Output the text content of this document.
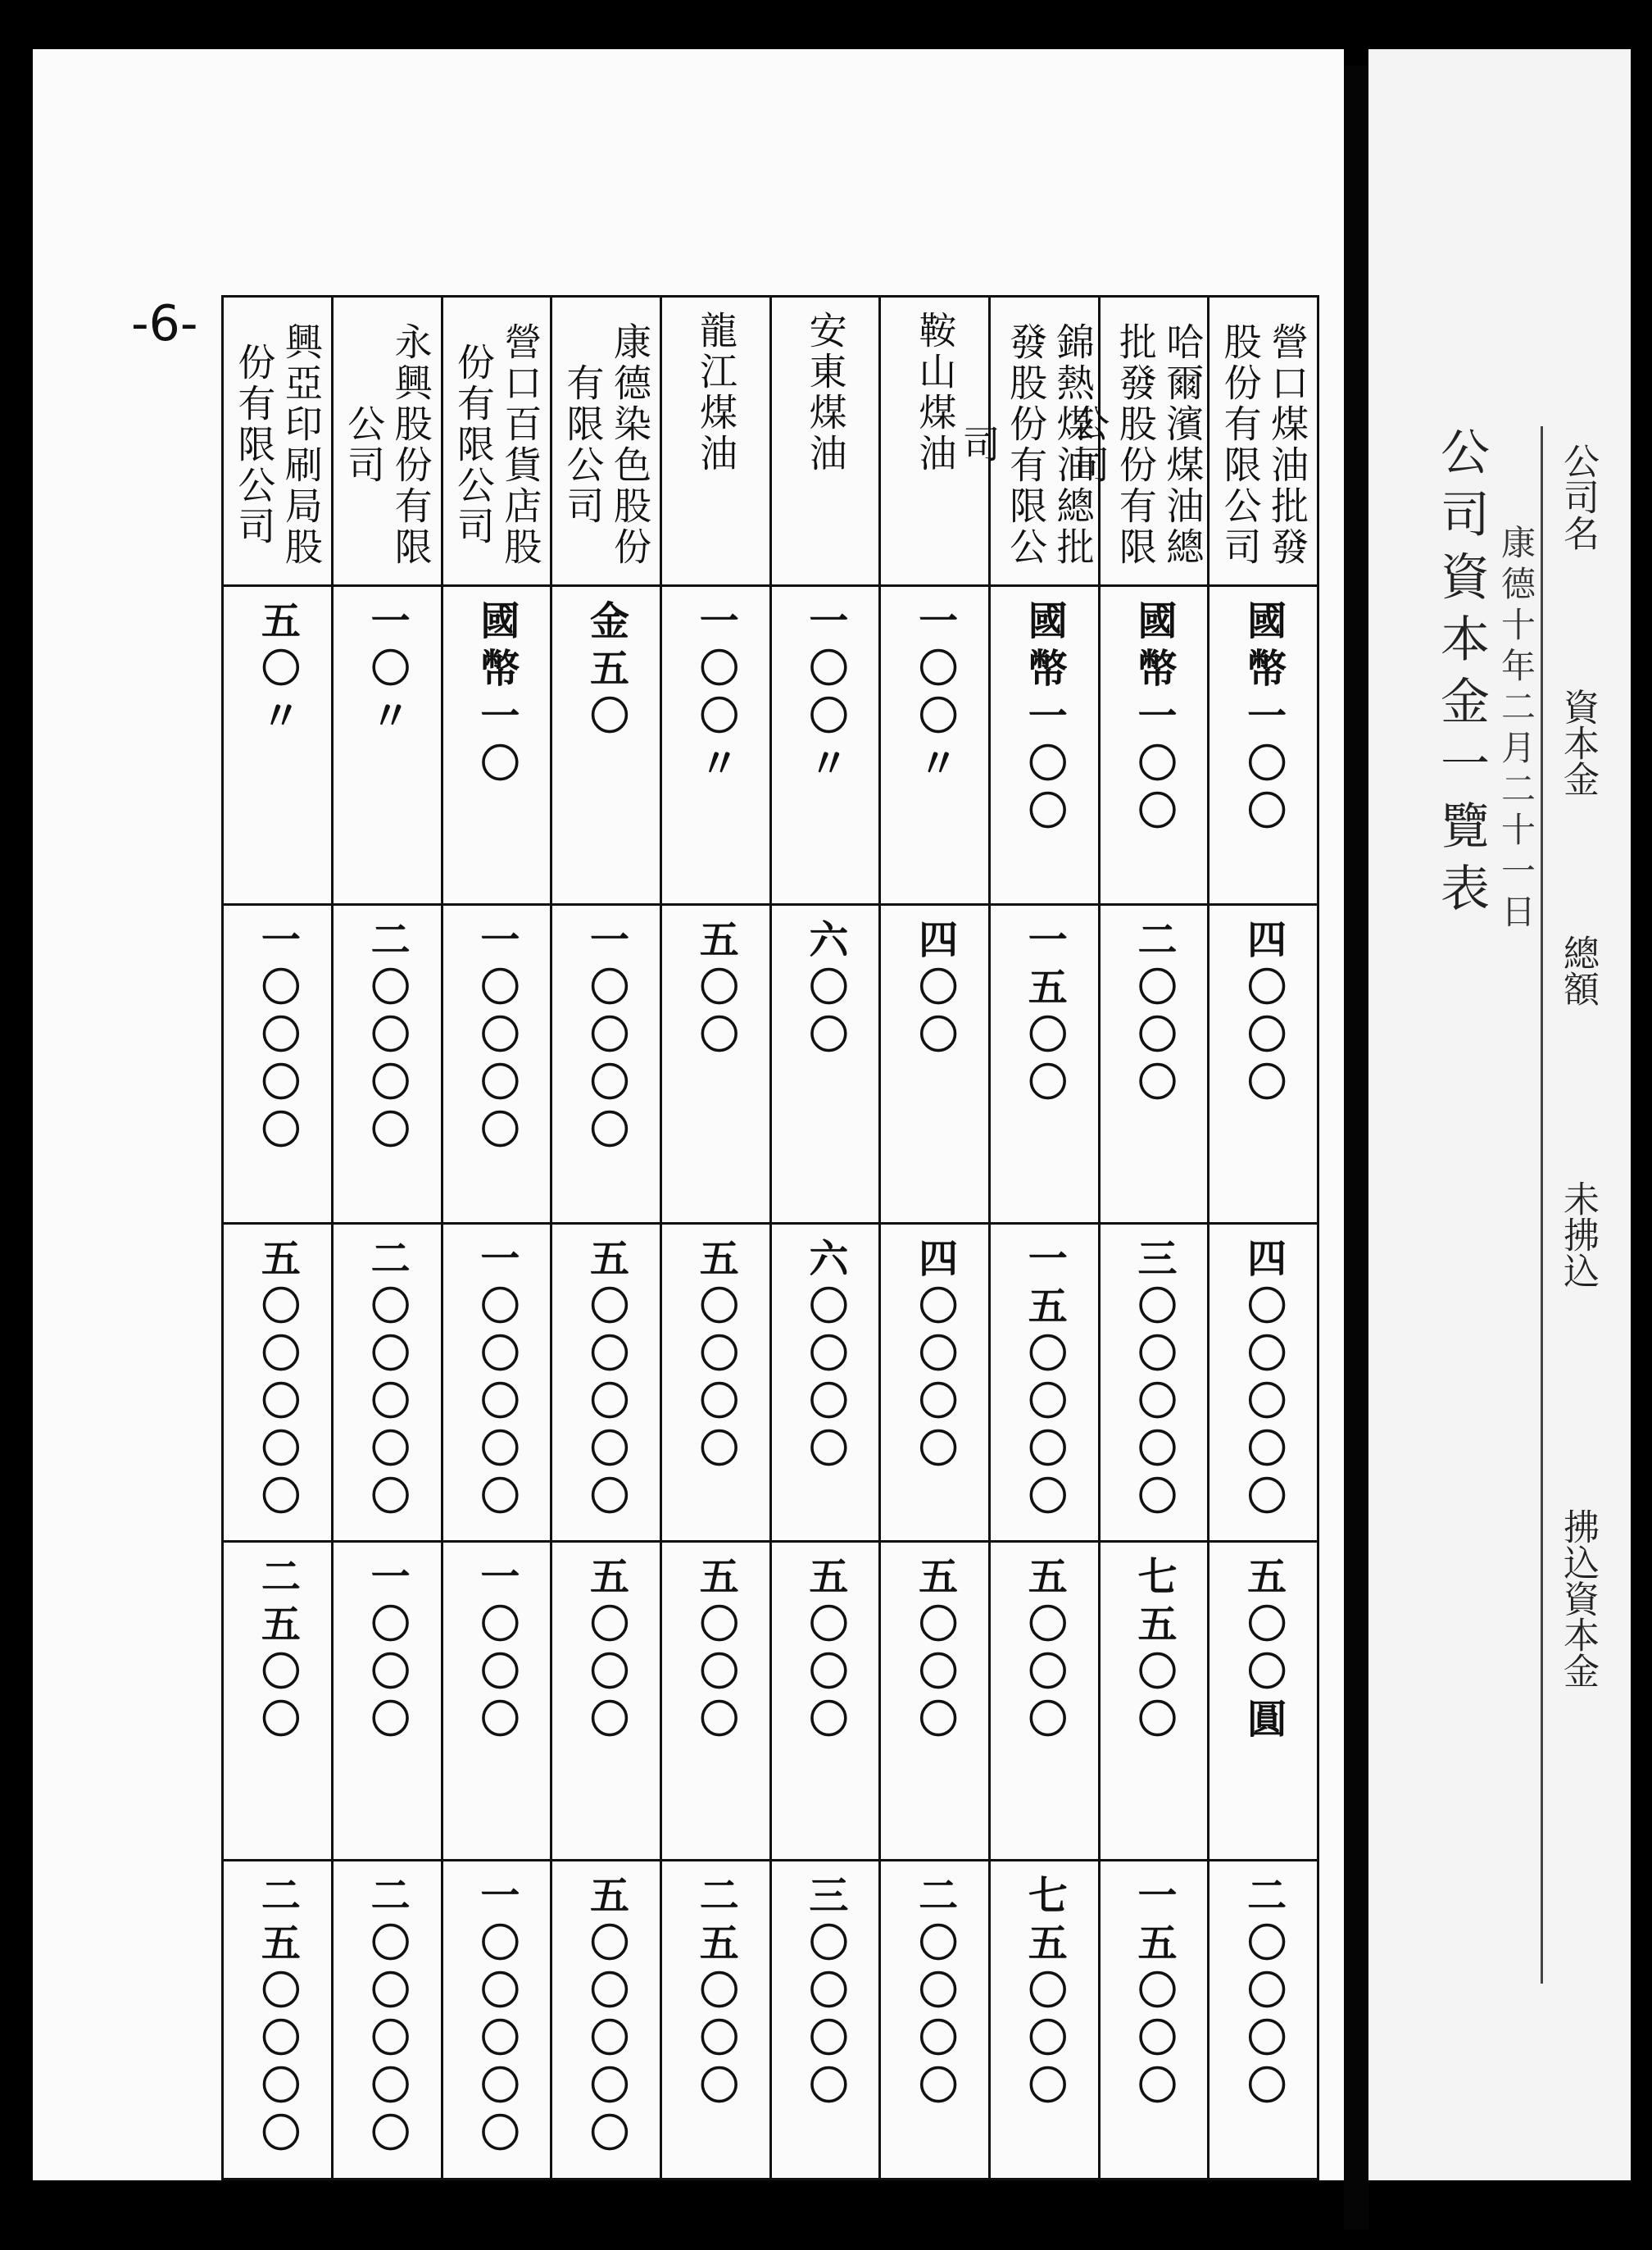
-6-	營口煤油批發股份有限公司	哈爾濱煤油總批發股份有限公司	錦熱煤油總批發股份有限公司	鞍山煤油	安東煤油	龍江煤油	康德染色股份有限公司	營口百貨店股份有限公司	永興股份有限公司	興亞印刷局股份有限公司
國幣一〇〇	國幣一〇〇	國幣一〇〇	〃一〇〇	〃一〇〇	〃一〇〇	金五〇	國幣一〇	〃一〇	〃五〇
四〇〇〇	二〇〇〇	一五〇〇	四〇〇	六〇〇	五〇〇	一〇〇〇〇	一〇〇〇〇	二〇〇〇〇	一〇〇〇〇
四〇〇〇〇〇	三〇〇〇〇〇	一五〇〇〇〇	四〇〇〇〇	六〇〇〇〇	五〇〇〇〇	五〇〇〇〇〇	一〇〇〇〇〇	二〇〇〇〇〇	五〇〇〇〇〇
五〇〇圓	七五〇〇	五〇〇〇	五〇〇〇	五〇〇〇	五〇〇〇	五〇〇〇	一〇〇〇	一〇〇〇	二五〇〇
二〇〇〇〇	一五〇〇〇	七五〇〇〇	二〇〇〇〇	三〇〇〇〇	二五〇〇〇	五〇〇〇〇〇	一〇〇〇〇〇	二〇〇〇〇〇	二五〇〇〇〇
公司資本金一覽表 康德十年二月二十一日
公司名
資本金
總額
未拂込
拂込資本金
